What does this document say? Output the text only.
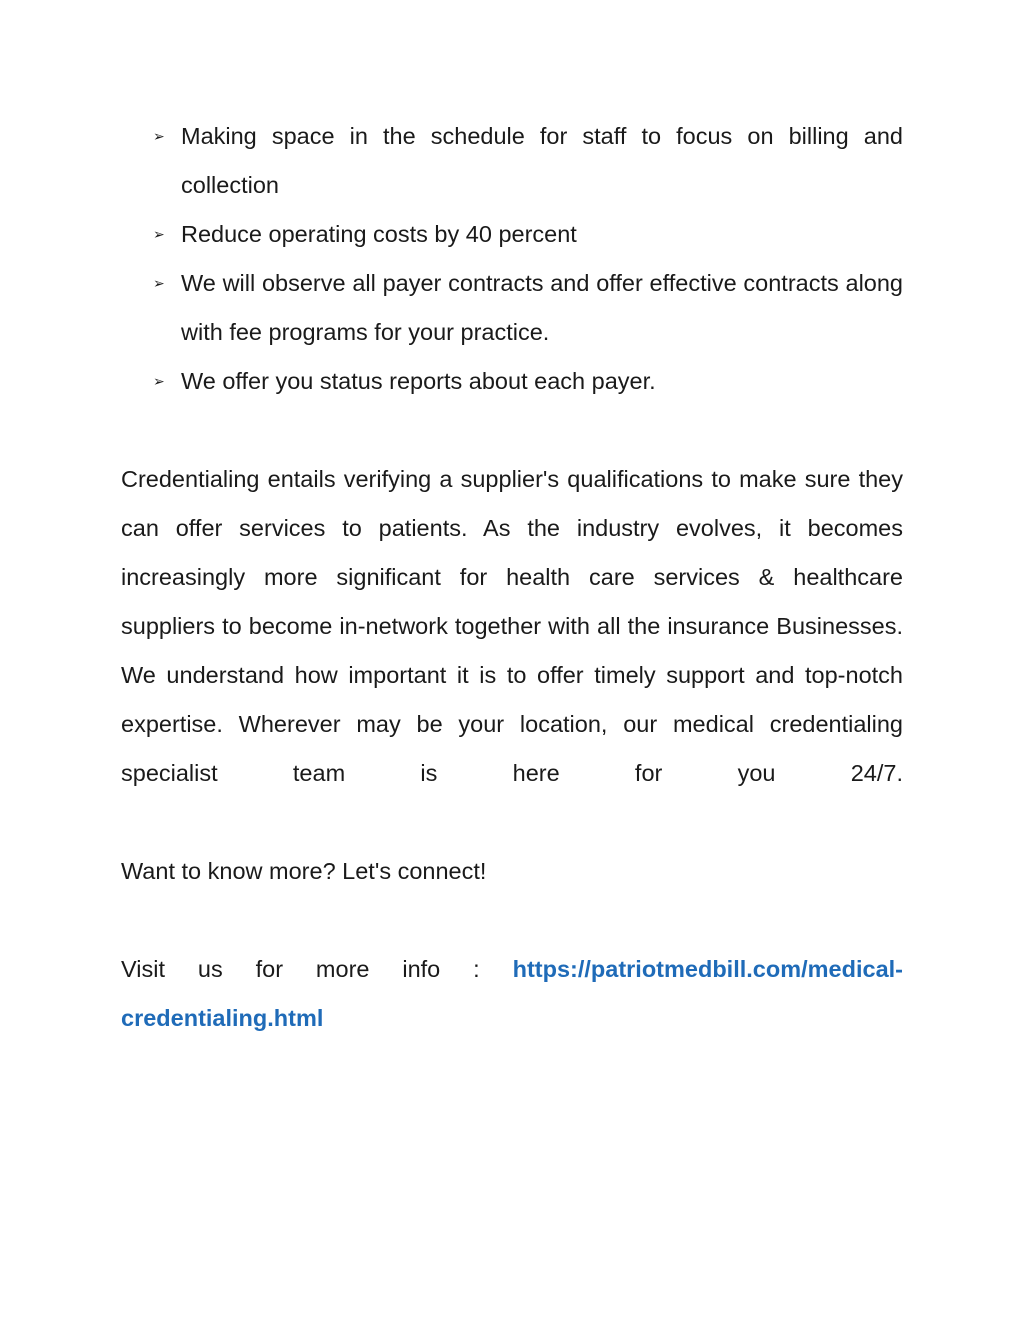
➢ Making space in the schedule for staff to focus on billing and collection
➢ Reduce operating costs by 40 percent
➢ We will observe all payer contracts and offer effective contracts along with fee programs for your practice.
➢ We offer you status reports about each payer.

Credentialing entails verifying a supplier's qualifications to make sure they can offer services to patients. As the industry evolves, it becomes increasingly more significant for health care services & healthcare suppliers to become in-network together with all the insurance Businesses. We understand how important it is to offer timely support and top-notch expertise. Wherever may be your location, our medical credentialing specialist team is here for you 24/7.

Want to know more? Let's connect!

Visit us for more info : https://patriotmedbill.com/medical-credentialing.html
